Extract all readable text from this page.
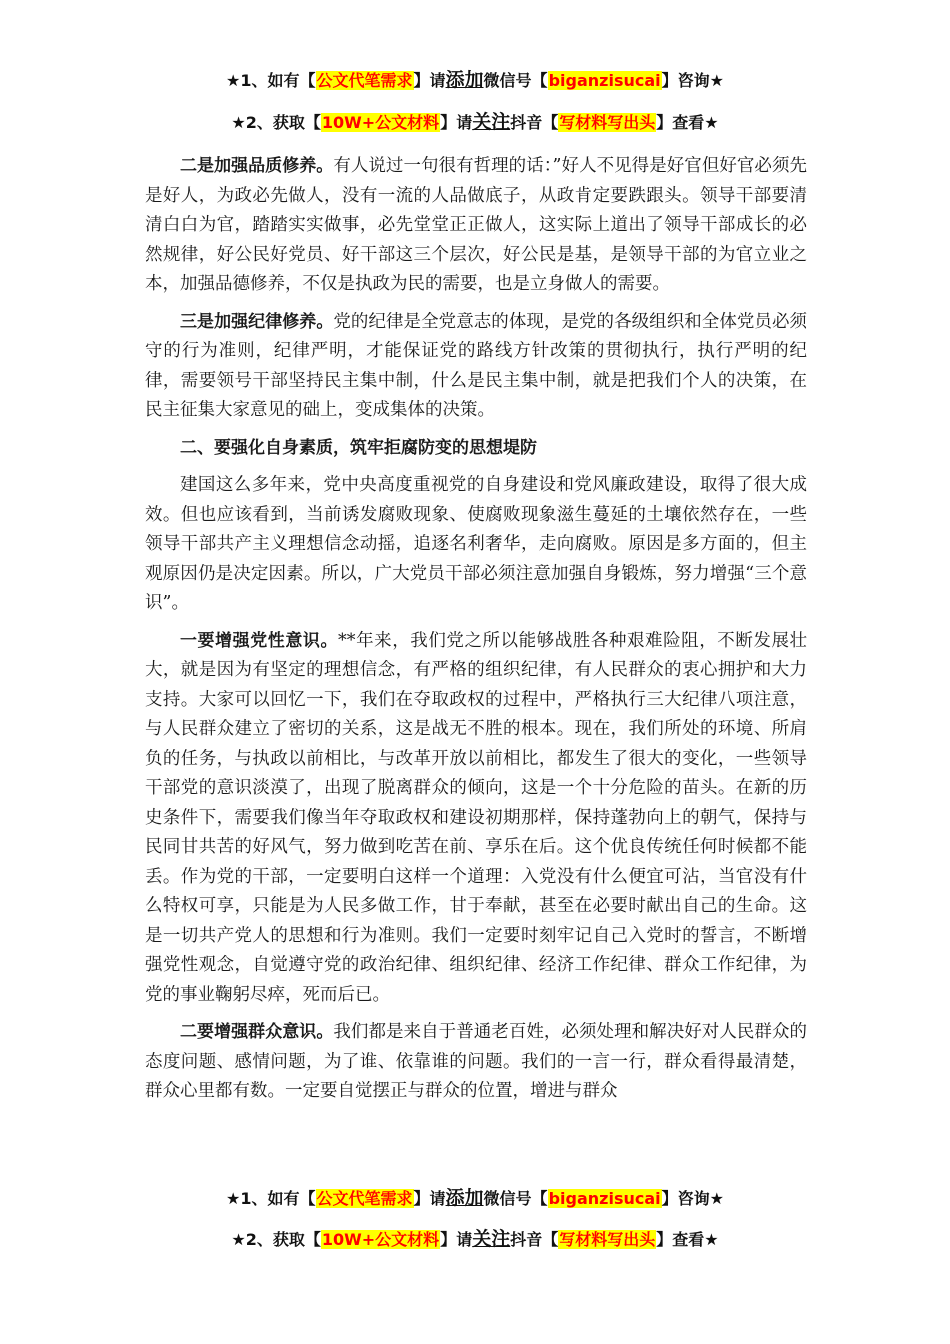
★1、如有【公文代笔需求】请添加微信号【biganzisucai】咨询★
★2、获取【10W+公文材料】请关注抖音【写材料写出头】查看★

二是加强品质修养。有人说过一句很有哲理的话：”好人不见得是好官但好官必须先是好人，为政必先做人，没有一流的人品做底子，从政肯定要跌跟头。领导干部要清清白白为官，踏踏实实做事，必先堂堂正正做人，这实际上道出了领导干部成长的必然规律，好公民好党员、好干部这三个层次，好公民是基，是领导干部的为官立业之本，加强品德修养，不仅是执政为民的需要，也是立身做人的需要。

三是加强纪律修养。党的纪律是全党意志的体现，是党的各级组织和全体党员必须守的行为准则，纪律严明，才能保证党的路线方针改策的贯彻执行，执行严明的纪律，需要领号干部坚持民主集中制，什么是民主集中制，就是把我们个人的决策，在民主征集大家意见的础上，变成集体的决策。

二、要强化自身素质，筑牢拒腐防变的思想堤防

建国这么多年来，党中央高度重视党的自身建设和党风廉政建设，取得了很大成效。但也应该看到，当前诱发腐败现象、使腐败现象滋生蔓延的土壤依然存在，一些领导干部共产主义理想信念动摇，追逐名利奢华，走向腐败。原因是多方面的，但主观原因仍是决定因素。所以，广大党员干部必须注意加强自身锻炼，努力增强“三个意识”。

一要增强党性意识。**年来，我们党之所以能够战胜各种艰难险阻，不断发展壮大，就是因为有坚定的理想信念，有严格的组织纪律，有人民群众的衷心拥护和大力支持。大家可以回忆一下，我们在夺取政权的过程中，严格执行三大纪律八项注意，与人民群众建立了密切的关系，这是战无不胜的根本。现在，我们所处的环境、所肩负的任务，与执政以前相比，与改革开放以前相比，都发生了很大的变化，一些领导干部党的意识淡漠了，出现了脱离群众的倾向，这是一个十分危险的苗头。在新的历史条件下，需要我们像当年夺取政权和建设初期那样，保持蓬勃向上的朝气，保持与民同甘共苦的好风气，努力做到吃苦在前、享乐在后。这个优良传统任何时候都不能丢。作为党的干部，一定要明白这样一个道理：入党没有什么便宜可沾，当官没有什么特权可享，只能是为人民多做工作，甘于奉献，甚至在必要时献出自己的生命。这是一切共产党人的思想和行为准则。我们一定要时刻牢记自己入党时的誓言，不断增强党性观念，自觉遵守党的政治纪律、组织纪律、经济工作纪律、群众工作纪律，为党的事业鞠躬尽瘁，死而后已。

二要增强群众意识。我们都是来自于普通老百姓，必须处理和解决好对人民群众的态度问题、感情问题，为了谁、依靠谁的问题。我们的一言一行，群众看得最清楚，群众心里都有数。一定要自觉摆正与群众的位置，增进与群众

★1、如有【公文代笔需求】请添加微信号【biganzisucai】咨询★
★2、获取【10W+公文材料】请关注抖音【写材料写出头】查看★
